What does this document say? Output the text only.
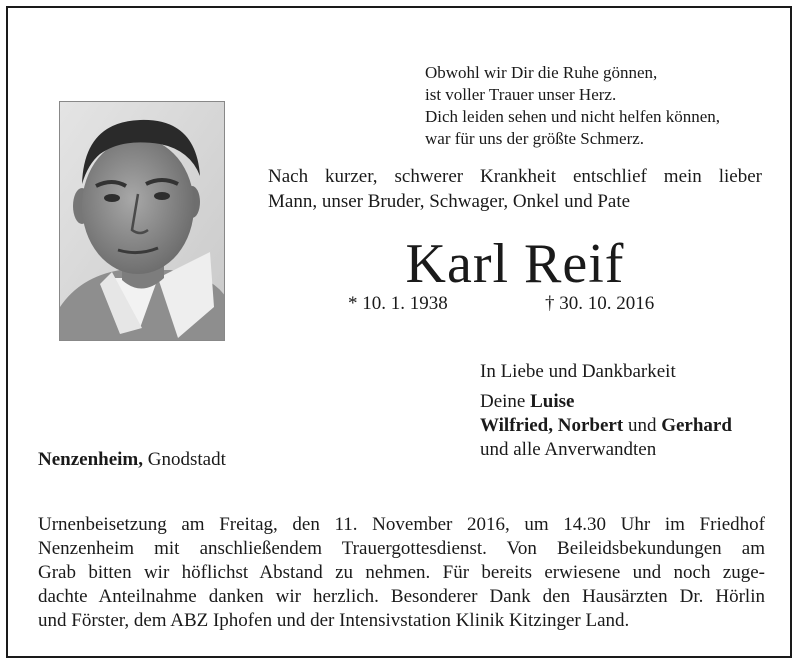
Obwohl wir Dir die Ruhe gönnen,
ist voller Trauer unser Herz.
Dich leiden sehen und nicht helfen können,
war für uns der größte Schmerz.
Nach kurzer, schwerer Krankheit entschlief mein lieber
Mann, unser Bruder, Schwager, Onkel und Pate
Karl Reif
* 10. 1. 1938	† 30. 10. 2016
In Liebe und Dankbarkeit
Deine Luise
Wilfried, Norbert und Gerhard
und alle Anverwandten
Nenzenheim, Gnodstadt
Urnenbeisetzung am Freitag, den 11. November 2016, um 14.30 Uhr im Friedhof
Nenzenheim mit anschließendem Trauergottesdienst. Von Beileidsbekundungen am
Grab bitten wir höflichst Abstand zu nehmen. Für bereits erwiesene und noch zuge-
dachte Anteilnahme danken wir herzlich. Besonderer Dank den Hausärzten Dr. Hörlin
und Förster, dem ABZ Iphofen und der Intensivstation Klinik Kitzinger Land.
